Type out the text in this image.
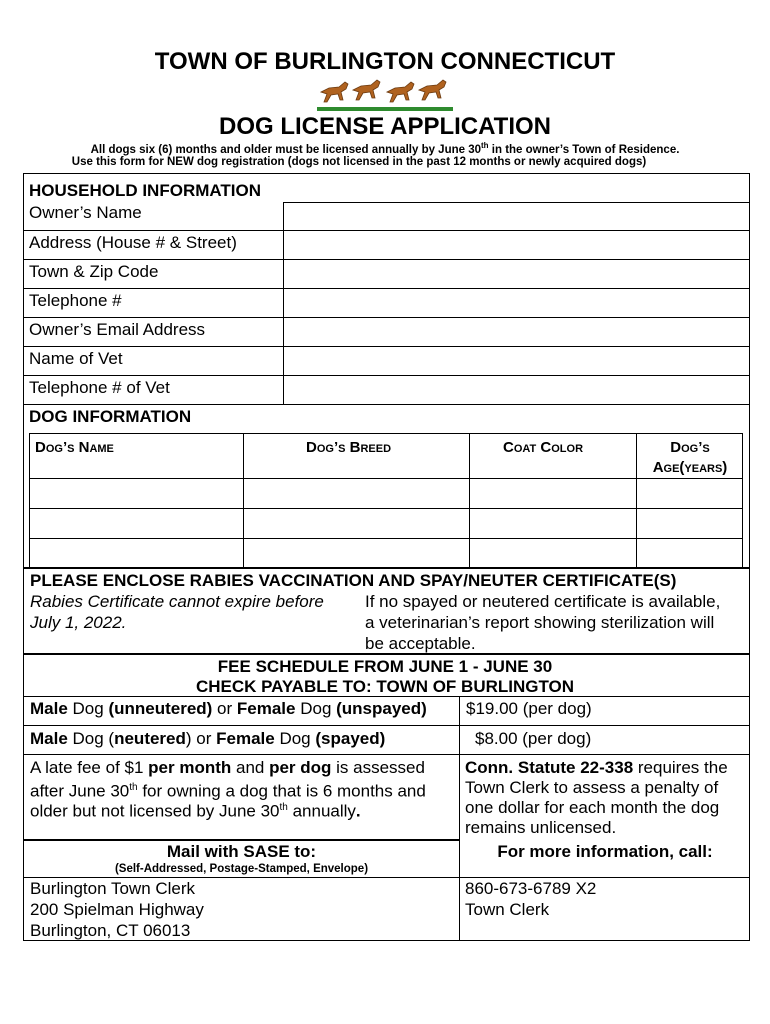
TOWN OF BURLINGTON CONNECTICUT
DOG LICENSE APPLICATION
All dogs six (6) months and older must be licensed annually by June 30th in the owner’s Town of Residence.
Use this form for NEW dog registration (dogs not licensed in the past 12 months or newly acquired dogs)
HOUSEHOLD INFORMATION
Owner’s Name
Address (House # & Street)
Town & Zip Code
Telephone #
Owner’s Email Address
Name of Vet
Telephone # of Vet
DOG INFORMATION
Dog’s Name	Dog’s Breed	Coat Color	Dog’s
Age(years)
PLEASE ENCLOSE RABIES VACCINATION AND SPAY/NEUTER CERTIFICATE(S)
Rabies Certificate cannot expire before
July 1, 2022.
If no spayed or neutered certificate is available,
a veterinarian’s report showing sterilization will
be acceptable.
FEE SCHEDULE FROM JUNE 1 - JUNE 30
CHECK PAYABLE TO: TOWN OF BURLINGTON
Male Dog (unneutered) or Female Dog (unspayed) $19.00 (per dog)
Male Dog (neutered) or Female Dog (spayed)	$8.00 (per dog)
A late fee of $1 per month and per dog is assessed
after June 30th for owning a dog that is 6 months and
older but not licensed by June 30th annually.
Conn. Statute 22-338 requires the
Town Clerk to assess a penalty of
one dollar for each month the dog
remains unlicensed.
Mail with SASE to:
(Self-Addressed, Postage-Stamped, Envelope)
Burlington Town Clerk
200 Spielman Highway
Burlington, CT 06013
For more information, call:
860-673-6789 X2
Town Clerk
